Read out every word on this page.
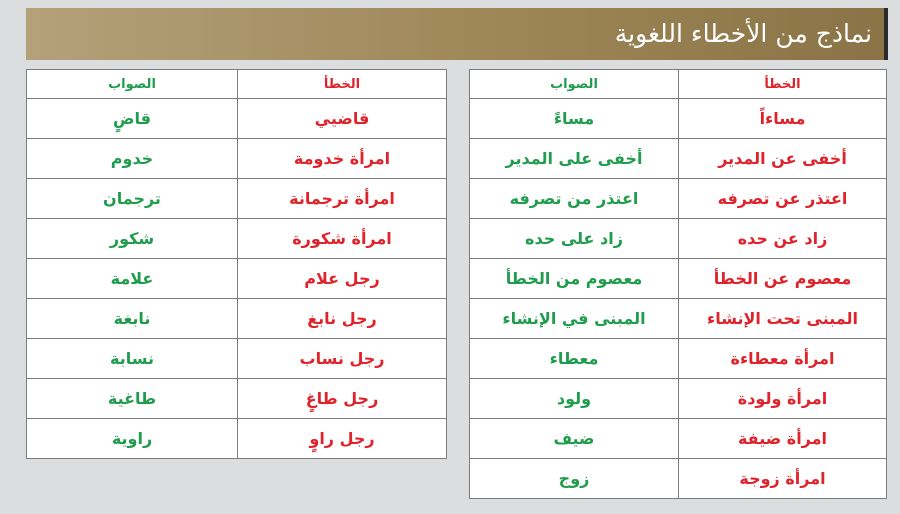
نماذج من الأخطاء اللغوية
الخطأ	الصواب
مساءاً	مساءً
أخفى عن المدير	أخفى على المدير
اعتذر عن تصرفه	اعتذر من تصرفه
زاد عن حده	زاد على حده
معصوم عن الخطأ	معصوم من الخطأ
المبنى تحت الإنشاء	المبنى في الإنشاء
امرأة معطاءة	معطاء
امرأة ولودة	ولود
امرأة ضيفة	ضيف
امرأة زوجة	زوج
الخطأ	الصواب
قاضيي	قاضٍ
امرأة خدومة	خدوم
امرأة ترجمانة	ترجمان
امرأة شكورة	شكور
رجل علام	علامة
رجل نابغ	نابغة
رجل نساب	نسابة
رجل طاغٍ	طاغية
رجل راوٍ	راوية
